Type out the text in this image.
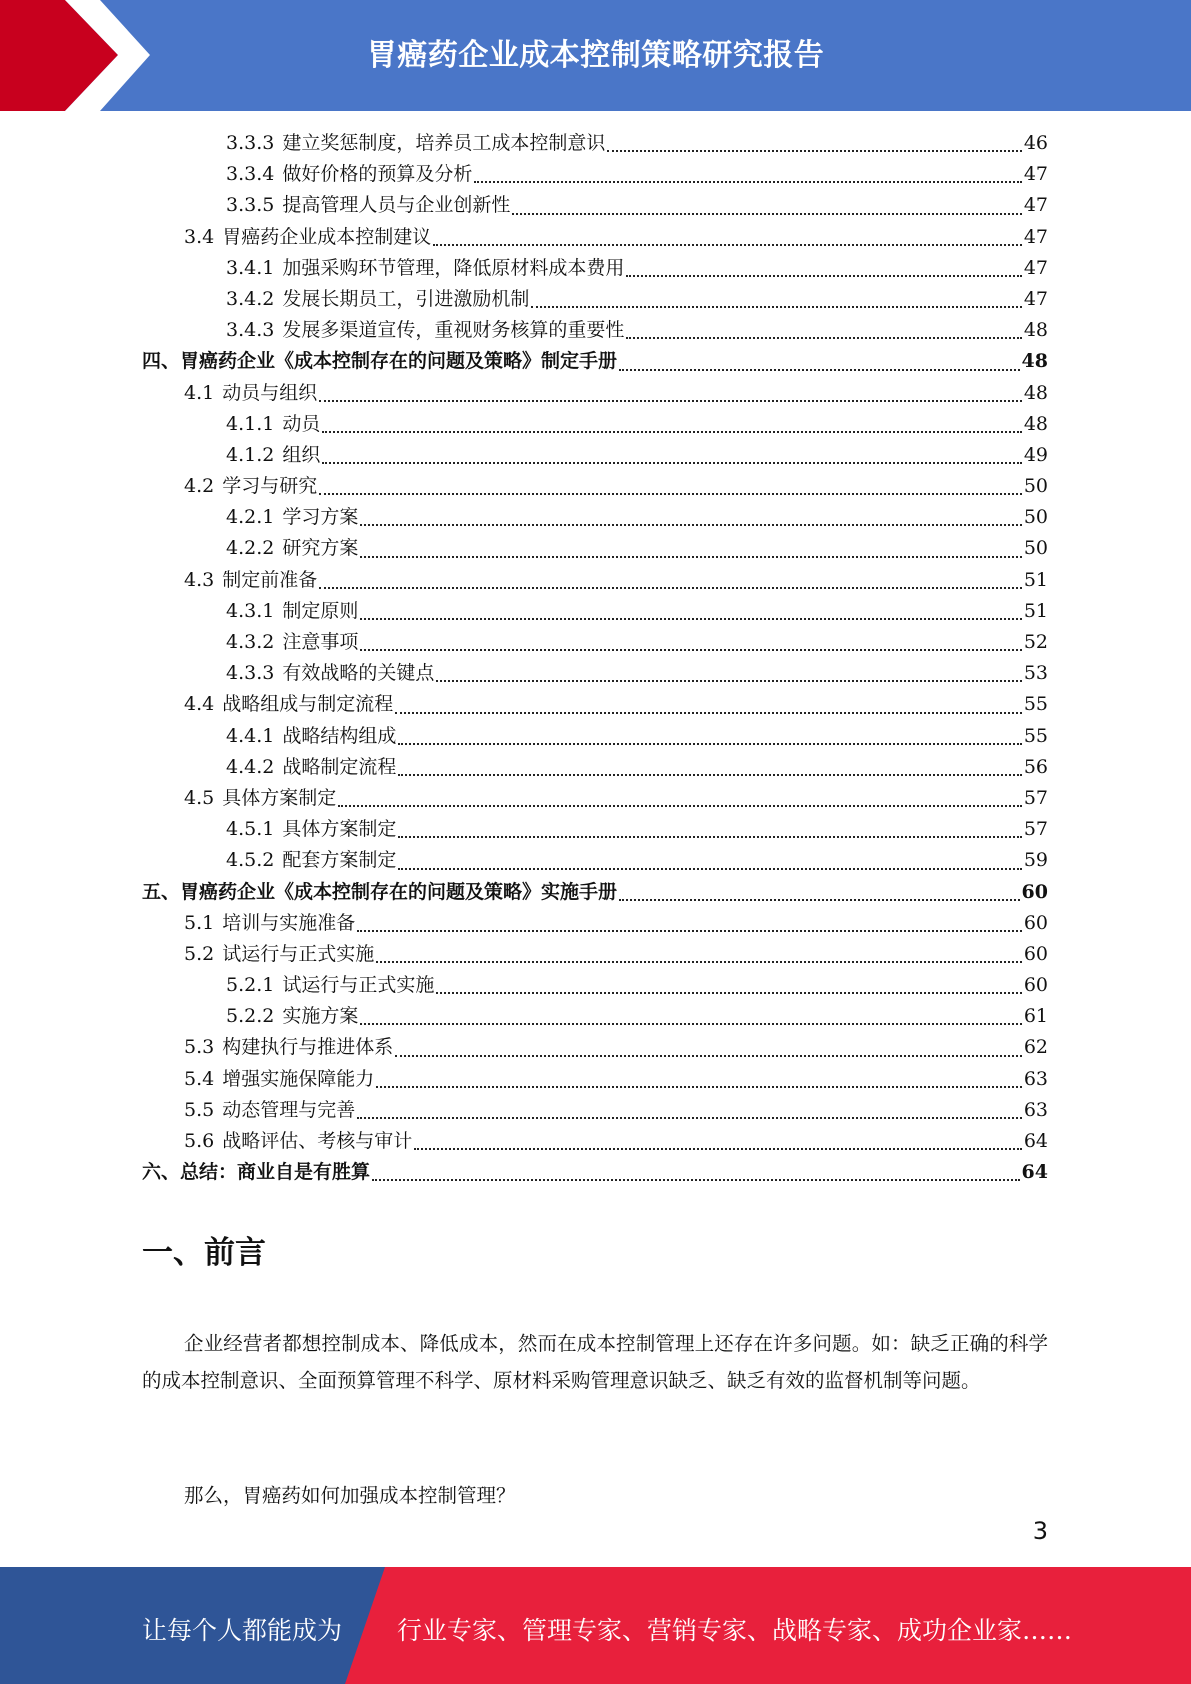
胃癌药企业成本控制策略研究报告
3.3.3 建立奖惩制度，培养员工成本控制意识	46
3.3.4 做好价格的预算及分析	47
3.3.5 提高管理人员与企业创新性	47
3.4 胃癌药企业成本控制建议	47
3.4.1 加强采购环节管理，降低原材料成本费用	47
3.4.2 发展长期员工，引进激励机制	47
3.4.3 发展多渠道宣传，重视财务核算的重要性	48
四、胃癌药企业《成本控制存在的问题及策略》制定手册	48
4.1 动员与组织	48
4.1.1 动员	48
4.1.2 组织	49
4.2 学习与研究	50
4.2.1 学习方案	50
4.2.2 研究方案	50
4.3 制定前准备	51
4.3.1 制定原则	51
4.3.2 注意事项	52
4.3.3 有效战略的关键点	53
4.4 战略组成与制定流程	55
4.4.1 战略结构组成	55
4.4.2 战略制定流程	56
4.5 具体方案制定	57
4.5.1 具体方案制定	57
4.5.2 配套方案制定	59
五、胃癌药企业《成本控制存在的问题及策略》实施手册	60
5.1 培训与实施准备	60
5.2 试运行与正式实施	60
5.2.1 试运行与正式实施	60
5.2.2 实施方案	61
5.3 构建执行与推进体系	62
5.4 增强实施保障能力	63
5.5 动态管理与完善	63
5.6 战略评估、考核与审计	64
六、总结：商业自是有胜算	64
一、前言
企业经营者都想控制成本、降低成本，然而在成本控制管理上还存在许多问题。如：缺乏正确的科学的成本控制意识、全面预算管理不科学、原材料采购管理意识缺乏、缺乏有效的监督机制等问题。
那么，胃癌药如何加强成本控制管理？
3
让每个人都能成为 行业专家、管理专家、营销专家、战略专家、成功企业家……
